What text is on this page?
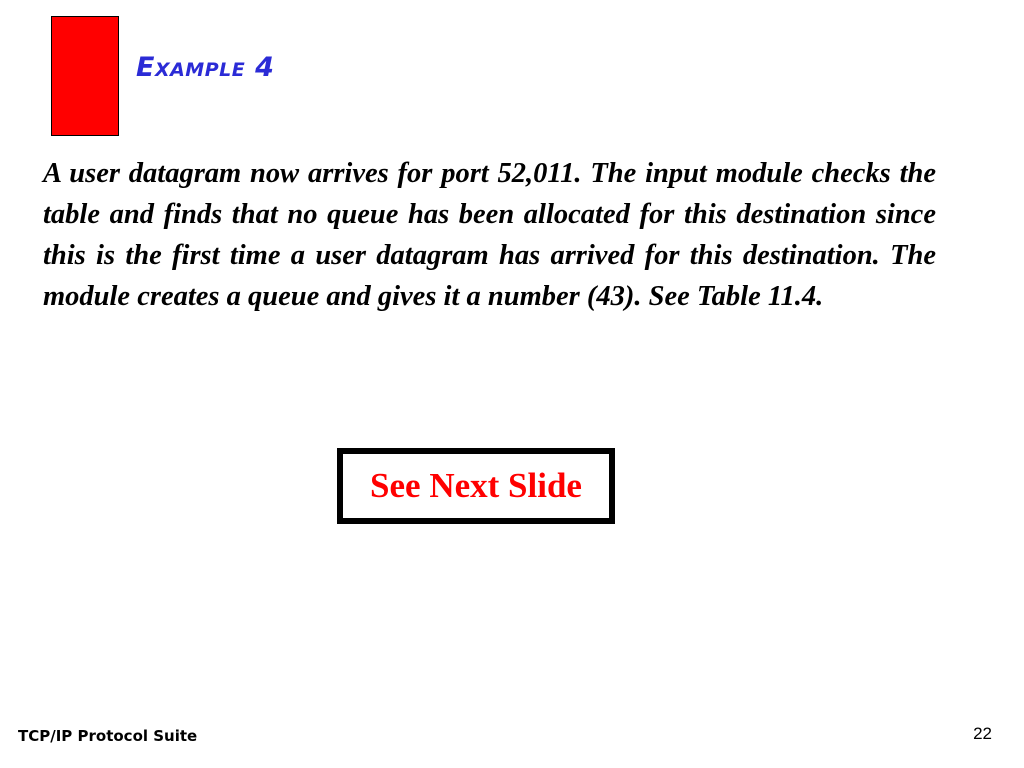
Example 4

A user datagram now arrives for port 52,011. The input module checks the table and finds that no queue has been allocated for this destination since this is the first time a user datagram has arrived for this destination. The module creates a queue and gives it a number (43). See Table 11.4.

See Next Slide
TCP/IP Protocol Suite	22
